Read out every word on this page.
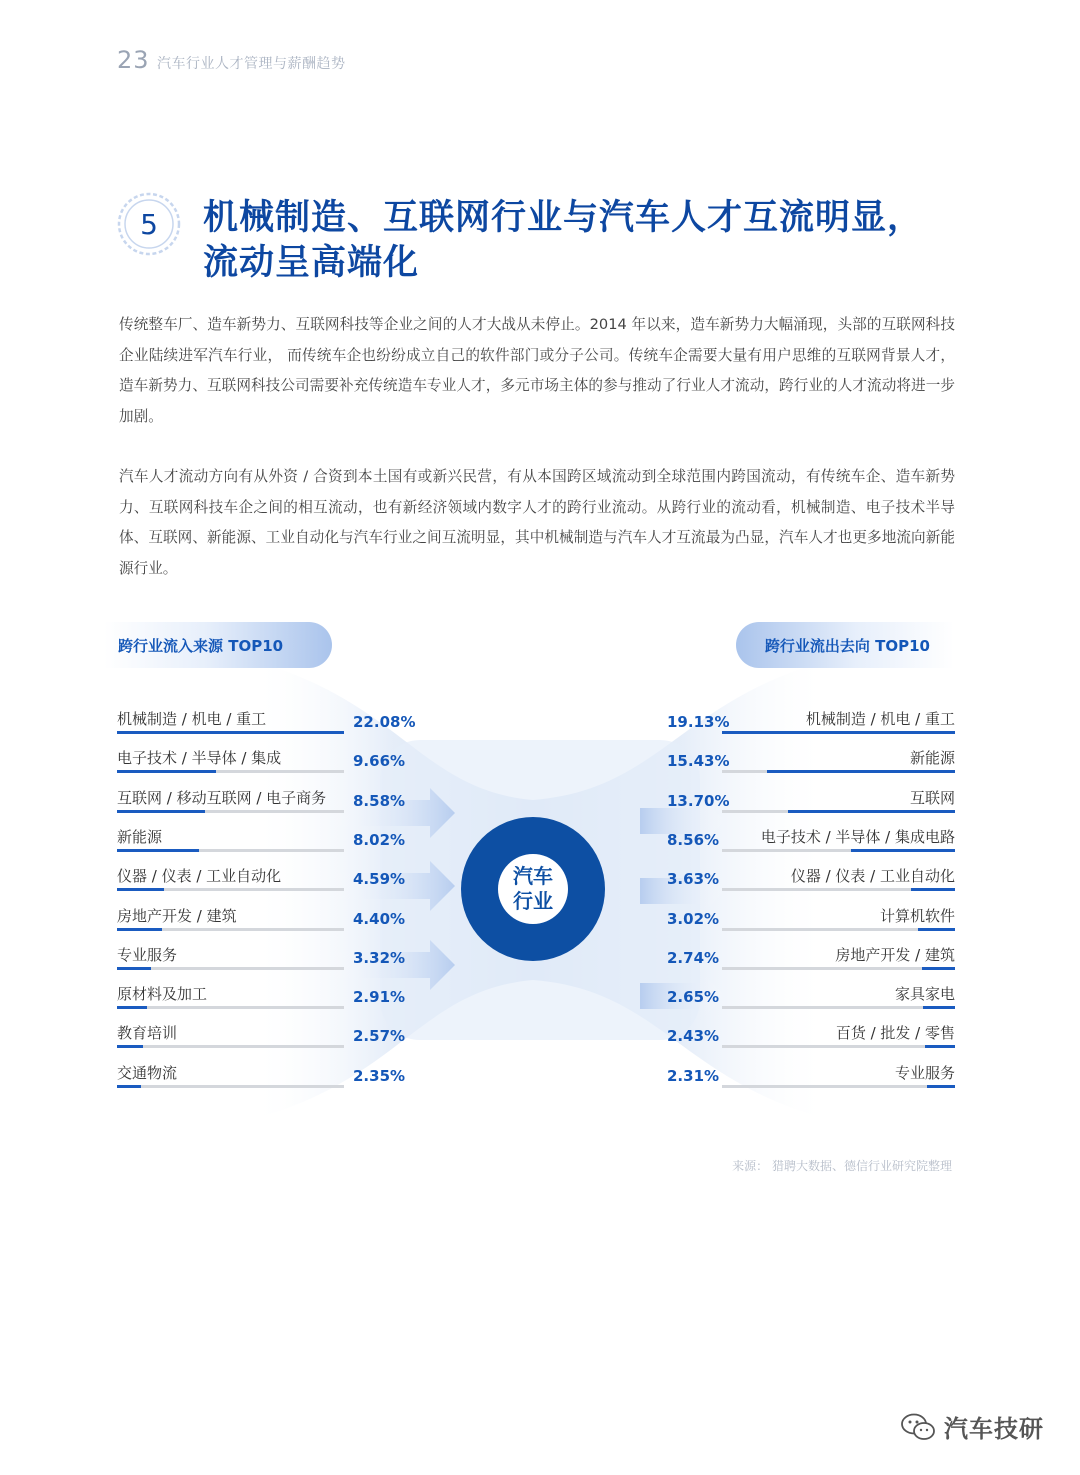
23 汽车行业人才管理与薪酬趋势
5 机械制造、互联网行业与汽车人才互流明显，
流动呈高端化

传统整车厂、造车新势力、互联网科技等企业之间的人才大战从未停止。2014 年以来，造车新势力大幅涌现，头部的互联网科技企业陆续进军汽车行业， 而传统车企也纷纷成立自己的软件部门或分子公司。传统车企需要大量有用户思维的互联网背景人才，造车新势力、互联网科技公司需要补充传统造车专业人才，多元市场主体的参与推动了行业人才流动，跨行业的人才流动将进一步加剧。

汽车人才流动方向有从外资 / 合资到本土国有或新兴民营，有从本国跨区域流动到全球范围内跨国流动，有传统车企、造车新势力、互联网科技车企之间的相互流动，也有新经济领域内数字人才的跨行业流动。从跨行业的流动看，机械制造、电子技术半导体、互联网、新能源、工业自动化与汽车行业之间互流明显，其中机械制造与汽车人才互流最为凸显，汽车人才也更多地流向新能源行业。

跨行业流入来源 TOP10	跨行业流出去向 TOP10
汽车
行业
机械制造 / 机电 / 重工	22.08%
电子技术 / 半导体 / 集成	9.66%
互联网 / 移动互联网 / 电子商务 8.58%
新能源	8.02%
仪器 / 仪表 / 工业自动化	4.59%
房地产开发 / 建筑	4.40%
专业服务	3.32%
原材料及加工	2.91%
教育培训	2.57%
交通物流	2.35%
机械制造 / 机电 / 重工
19.13%
新能源
15.43%
互联网
13.70%
电子技术 / 半导体 / 集成电路
8.56%
仪器 / 仪表 / 工业自动化
3.63%
计算机软件
3.02%
房地产开发 / 建筑
2.74%
家具家电
2.65%
百货 / 批发 / 零售
2.43%
专业服务
2.31%
来源： 猎聘大数据、德信行业研究院整理
汽车技研
